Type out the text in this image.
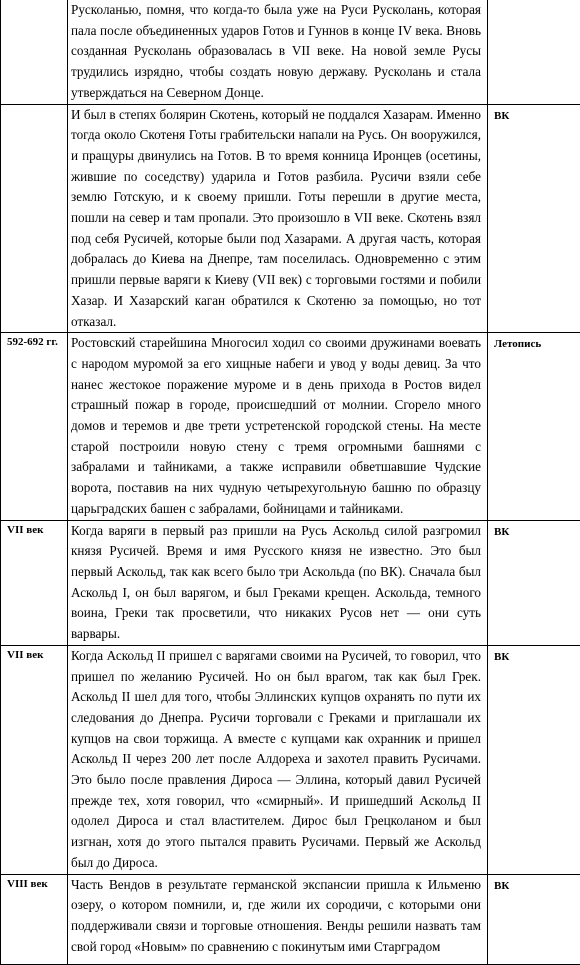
	Русколанью, помня, что когда-то была уже на Руси Русколань, которая пала после объединенных ударов Готов и Гуннов в конце IV века. Вновь созданная Русколань образовалась в VII веке. На новой земле Русы трудились изрядно, чтобы создать новую державу. Русколань и стала утверждаться на Северном Донце.	
	И был в степях болярин Скотень, который не поддался Хазарам. Именно тогда около Скотеня Готы грабительски напали на Русь. Он вооружился, и пращуры двинулись на Готов. В то время конница Иронцев (осетины, жившие по соседству) ударила и Готов разбила. Русичи взяли себе землю Готскую, и к своему пришли. Готы перешли в другие места, пошли на север и там пропали. Это произошло в VII веке. Скотень взял под себя Русичей, которые были под Хазарами. А другая часть, которая добралась до Киева на Днепре, там поселилась. Одновременно с этим пришли первые варяги к Киеву (VII век) с торговыми гостями и побили Хазар. И Хазарский каган обратился к Скотеню за помощью, но тот отказал.	ВК
592-692 гг.	Ростовский старейшина Многосил ходил со своими дружинами воевать с народом муромой за его хищные набеги и увод у воды девиц. За что нанес жестокое поражение муроме и в день прихода в Ростов видел страшный пожар в городе, происшедший от молнии. Сгорело много домов и теремов и две трети устретенской городской стены. На месте старой построили новую стену с тремя огромными башнями с забралами и тайниками, а также исправили обветшавшие Чудские ворота, поставив на них чудную четырехугольную башню по образцу царьградских башен с забралами, бойницами и тайниками.	Летопись
VII век	Когда варяги в первый раз пришли на Русь Аскольд силой разгромил князя Русичей. Время и имя Русского князя не известно. Это был первый Аскольд, так как всего было три Аскольда (по ВК). Сначала был Аскольд I, он был варягом, и был Греками крещен. Аскольда, темного воина, Греки так просветили, что никаких Русов нет — они суть варвары.	ВК
VII век	Когда Аскольд II пришел с варягами своими на Русичей, то говорил, что пришел по желанию Русичей. Но он был врагом, так как был Грек. Аскольд II шел для того, чтобы Эллинских купцов охранять по пути их следования до Днепра. Русичи торговали с Греками и приглашали их купцов на свои торжища. А вместе с купцами как охранник и пришел Аскольд II через 200 лет после Алдореха и захотел править Русичами. Это было после правления Дироса — Эллина, который давил Русичей прежде тех, хотя говорил, что «смирный». И пришедший Аскольд II одолел Дироса и стал властителем. Дирос был Грецколаном и был изгнан, хотя до этого пытался править Русичами. Первый же Аскольд был до Дироса.	ВК
VIII век	Часть Вендов в результате германской экспансии пришла к Ильменю озеру, о котором помнили, и, где жили их сородичи, с которыми они поддерживали связи и торговые отношения. Венды решили назвать там свой город «Новым» по сравнению с покинутым ими Старградом	ВК
